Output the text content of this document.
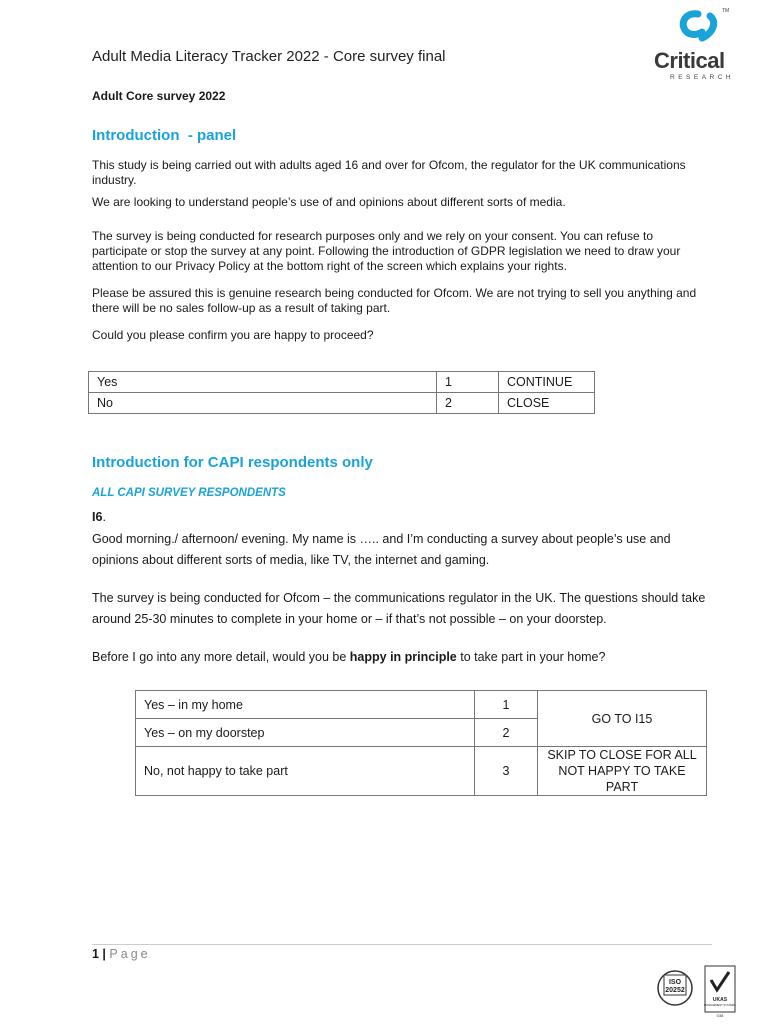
Adult Media Literacy Tracker 2022 - Core survey final
TM
Critical
RESEARCH
Adult Core survey 2022
Introduction  - panel
This study is being carried out with adults aged 16 and over for Ofcom, the regulator for the UK communications industry.
We are looking to understand people’s use of and opinions about different sorts of media.
The survey is being conducted for research purposes only and we rely on your consent. You can refuse to participate or stop the survey at any point. Following the introduction of GDPR legislation we need to draw your attention to our Privacy Policy at the bottom right of the screen which explains your rights.
Please be assured this is genuine research being conducted for Ofcom. We are not trying to sell you anything and there will be no sales follow-up as a result of taking part.
Could you please confirm you are happy to proceed?
Yes	1	CONTINUE
No	2	CLOSE
Introduction for CAPI respondents only
ALL CAPI SURVEY RESPONDENTS
I6.
Good morning./ afternoon/ evening. My name is ….. and I’m conducting a survey about people’s use and opinions about different sorts of media, like TV, the internet and gaming.
The survey is being conducted for Ofcom – the communications regulator in the UK. The questions should take around 25-30 minutes to complete in your home or – if that’s not possible – on your doorstep.
Before I go into any more detail, would you be happy in principle to take part in your home?
Yes – in my home	1	GO TO I15
Yes – on my doorstep	2	
No, not happy to take part	3	SKIP TO CLOSE FOR ALL NOT HAPPY TO TAKE PART
1 | Page
ISO
20252
UKAS
MANAGEMENT SYSTEMS
038
